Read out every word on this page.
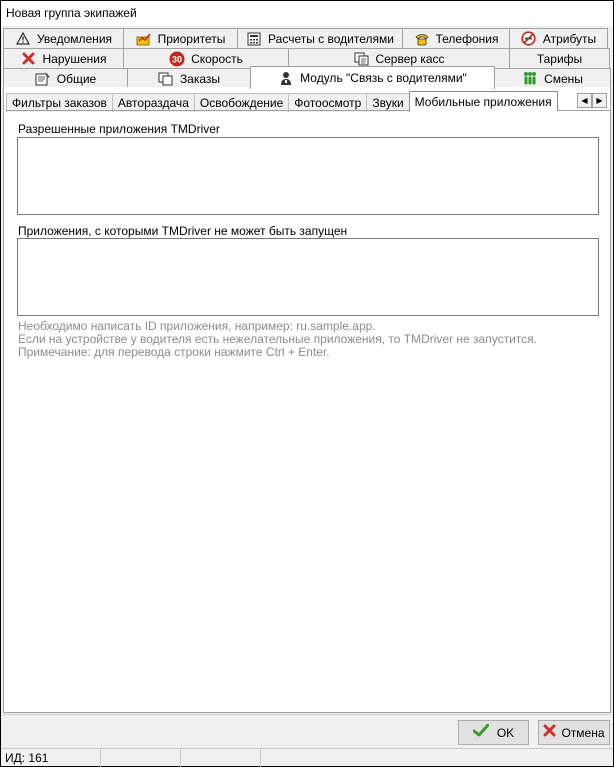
Новая группа экипажей
Уведомления	Приоритеты	Расчеты с водителями	Телефония	Атрибуты
Нарушения	30 Скорость	Сервер касс	Тарифы
Общие	Заказы	Модуль "Связь с водителями"	Смены
Фильтры заказов Автораздача Освобождение Фотоосмотр Звуки Мобильные приложения	◀ ▶
Разрешенные приложения TMDriver
Приложения, с которыми TMDriver не может быть запущен
Необходимо написать ID приложения, например: ru.sample.app.
Если на устройстве у водителя есть нежелательные приложения, то TMDriver не запустится.
Примечание: для перевода строки нажмите Ctrl + Enter.
OK	Отмена
ИД: 161
